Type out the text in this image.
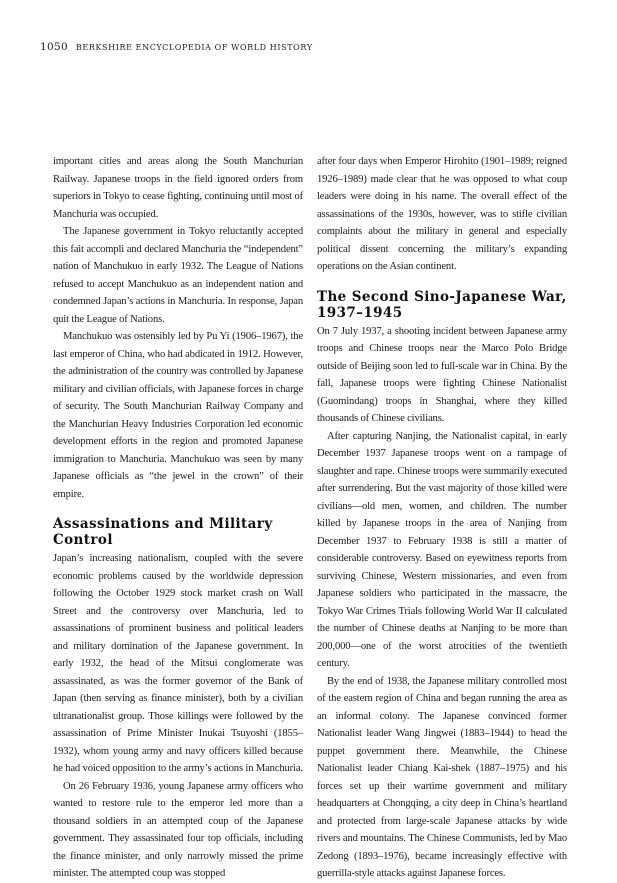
1050 BERKSHIRE ENCYCLOPEDIA OF WORLD HISTORY

important cities and areas along the South Manchurian Railway. Japanese troops in the field ignored orders from superiors in Tokyo to cease fighting, continuing until most of Manchuria was occupied.

The Japanese government in Tokyo reluctantly accepted this fait accompli and declared Manchuria the “independent” nation of Manchukuo in early 1932. The League of Nations refused to accept Manchukuo as an independent nation and condemned Japan’s actions in Manchuria. In response, Japan quit the League of Nations.

Manchukuo was ostensibly led by Pu Yi (1906–1967), the last emperor of China, who had abdicated in 1912. However, the administration of the country was controlled by Japanese military and civilian officials, with Japanese forces in charge of security. The South Manchurian Railway Company and the Manchurian Heavy Industries Corporation led economic development efforts in the region and promoted Japanese immigration to Manchuria. Manchukuo was seen by many Japanese officials as “the jewel in the crown” of their empire.

Assassinations and Military Control

Japan’s increasing nationalism, coupled with the severe economic problems caused by the worldwide depression following the October 1929 stock market crash on Wall Street and the controversy over Manchuria, led to assassinations of prominent business and political leaders and military domination of the Japanese government. In early 1932, the head of the Mitsui conglomerate was assassinated, as was the former governor of the Bank of Japan (then serving as finance minister), both by a civilian ultranationalist group. Those killings were followed by the assassination of Prime Minister Inukai Tsuyoshi (1855–1932), whom young army and navy officers killed because he had voiced opposition to the army’s actions in Manchuria.

On 26 February 1936, young Japanese army officers who wanted to restore rule to the emperor led more than a thousand soldiers in an attempted coup of the Japanese government. They assassinated four top officials, including the finance minister, and only narrowly missed the prime minister. The attempted coup was stopped

after four days when Emperor Hirohito (1901–1989; reigned 1926–1989) made clear that he was opposed to what coup leaders were doing in his name. The overall effect of the assassinations of the 1930s, however, was to stifle civilian complaints about the military in general and especially political dissent concerning the military’s expanding operations on the Asian continent.

The Second Sino-Japanese War, 1937–1945

On 7 July 1937, a shooting incident between Japanese army troops and Chinese troops near the Marco Polo Bridge outside of Beijing soon led to full-scale war in China. By the fall, Japanese troops were fighting Chinese Nationalist (Guomindang) troops in Shanghai, where they killed thousands of Chinese civilians.

After capturing Nanjing, the Nationalist capital, in early December 1937 Japanese troops went on a rampage of slaughter and rape. Chinese troops were summarily executed after surrendering. But the vast majority of those killed were civilians—old men, women, and children. The number killed by Japanese troops in the area of Nanjing from December 1937 to February 1938 is still a matter of considerable controversy. Based on eyewitness reports from surviving Chinese, Western missionaries, and even from Japanese soldiers who participated in the massacre, the Tokyo War Crimes Trials following World War II calculated the number of Chinese deaths at Nanjing to be more than 200,000—one of the worst atrocities of the twentieth century.

By the end of 1938, the Japanese military controlled most of the eastern region of China and began running the area as an informal colony. The Japanese convinced former Nationalist leader Wang Jingwei (1883–1944) to head the puppet government there. Meanwhile, the Chinese Nationalist leader Chiang Kai-shek (1887–1975) and his forces set up their wartime government and military headquarters at Chongqing, a city deep in China’s heartland and protected from large-scale Japanese attacks by wide rivers and mountains. The Chinese Communists, led by Mao Zedong (1893–1976), became increasingly effective with guerrilla-style attacks against Japanese forces.
